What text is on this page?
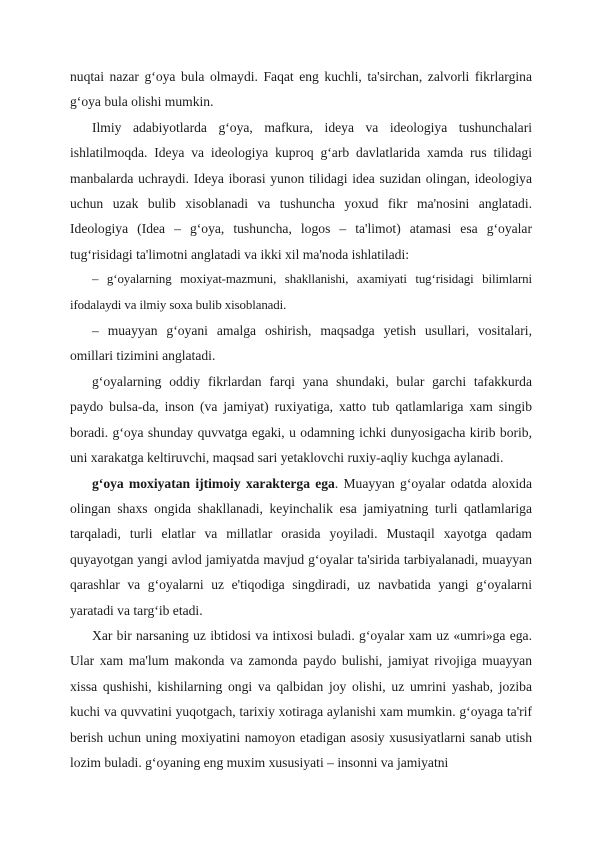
nuqtai nazar g‘oya bula olmaydi. Faqat eng kuchli, ta'sirchan, zalvorli fikrlargina g‘oya bula olishi mumkin.

Ilmiy adabiyotlarda g‘oya, mafkura, ideya va ideologiya tushunchalari ishlatilmoqda. Ideya va ideologiya kuproq g‘arb davlatlarida xamda rus tilidagi manbalarda uchraydi. Ideya iborasi yunon tilidagi idea suzidan olingan, ideologiya uchun uzak bulib xisoblanadi va tushuncha yoxud fikr ma'nosini anglatadi. Ideologiya (Idea – g‘oya, tushuncha, logos – ta'limot) atamasi esa g‘oyalar tug‘risidagi ta'limotni anglatadi va ikki xil ma'noda ishlatiladi:

– g‘oyalarning moxiyat-mazmuni, shakllanishi, axamiyati tug‘risidagi bilimlarni ifodalaydi va ilmiy soxa bulib xisoblanadi.

– muayyan g‘oyani amalga oshirish, maqsadga yetish usullari, vositalari, omillari tizimini anglatadi.

g‘oyalarning oddiy fikrlardan farqi yana shundaki, bular garchi tafakkurda paydo bulsa-da, inson (va jamiyat) ruxiyatiga, xatto tub qatlamlariga xam singib boradi. g‘oya shunday quvvatga egaki, u odamning ichki dunyosigacha kirib borib, uni xarakatga keltiruvchi, maqsad sari yetaklovchi ruxiy-aqliy kuchga aylanadi.

g‘oya moxiyatan ijtimoiy xarakterga ega. Muayyan g‘oyalar odatda aloxida olingan shaxs ongida shakllanadi, keyinchalik esa jamiyatning turli qatlamlariga tarqaladi, turli elatlar va millatlar orasida yoyiladi. Mustaqil xayotga qadam quyayotgan yangi avlod jamiyatda mavjud g‘oyalar ta'sirida tarbiyalanadi, muayyan qarashlar va g‘oyalarni uz e'tiqodiga singdiradi, uz navbatida yangi g‘oyalarni yaratadi va targ‘ib etadi.

Xar bir narsaning uz ibtidosi va intixosi buladi. g‘oyalar xam uz «umri»ga ega. Ular xam ma'lum makonda va zamonda paydo bulishi, jamiyat rivojiga muayyan xissa qushishi, kishilarning ongi va qalbidan joy olishi, uz umrini yashab, joziba kuchi va quvvatini yuqotgach, tarixiy xotiraga aylanishi xam mumkin. g‘oyaga ta'rif berish uchun uning moxiyatini namoyon etadigan asosiy xususiyatlarni sanab utish lozim buladi. g‘oyaning eng muxim xususiyati – insonni va jamiyatni
